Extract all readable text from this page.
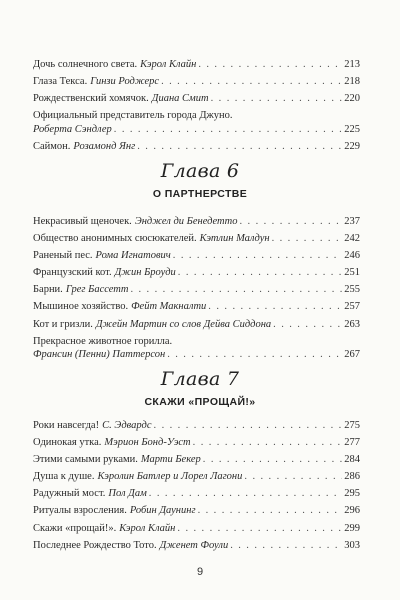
Дочь солнечного света. Кэрол Клайн . . .	213
Глаза Текса. Гинзи Роджерс . . .	218
Рождественский хомячок. Диана Смит . . .	220
Официальный представитель города Джуно.
Роберта Сэндлер . . .	225
Саймон. Розамонд Янг . . .	229
Глава 6
О ПАРТНЕРСТВЕ
Некрасивый щеночек. Энджел ди Бенедетто . . .	237
Общество анонимных сюсюкателей. Кэтлин Малдун . . .	242
Раненый пес. Рома Игнатович . . .	246
Французский кот. Джин Броуди . . .	251
Барни. Грег Бассетт . . .	255
Мышиное хозяйство. Фейт Макналти . . .	257
Кот и гризли. Джейн Мартин со слов Дейва Сиддона . . .	263
Прекрасное животное горилла.
Франсин (Пенни) Паттерсон . . .	267
Глава 7
СКАЖИ «ПРОЩАЙ!»
Роки навсегда! С. Эдвардс . . .	275
Одинокая утка. Мэрион Бонд-Уэст . . .	277
Этими самыми руками. Марти Бекер . . .	284
Душа к душе. Кэролин Батлер и Лорел Лагони . . .	286
Радужный мост. Пол Дам . . .	295
Ритуалы взросления. Робин Даунинг . . .	296
Скажи «прощай!». Кэрол Клайн . . .	299
Последнее Рождество Тото. Дженет Фоули . . .	303
9
